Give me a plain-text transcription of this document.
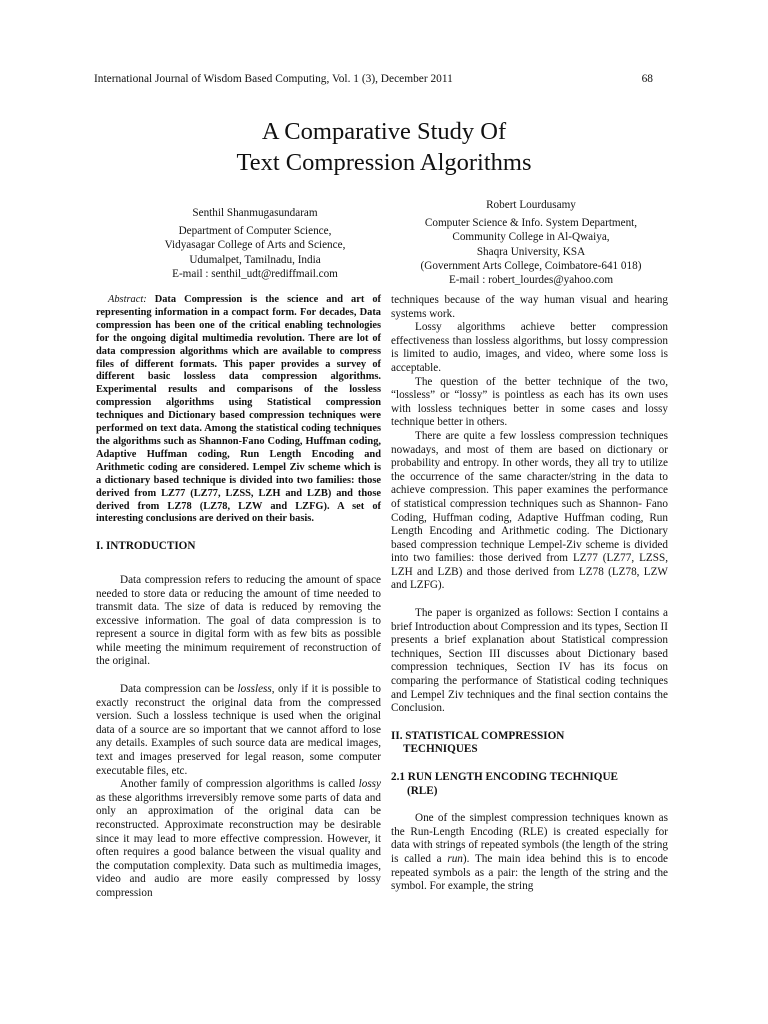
International Journal of Wisdom Based Computing, Vol. 1 (3), December 2011	68
A Comparative Study Of
Text Compression Algorithms
Senthil Shanmugasundaram
Department of Computer Science,
Vidyasagar College of Arts and Science,
Udumalpet, Tamilnadu, India
E-mail : senthil_udt@rediffmail.com
Robert Lourdusamy
Computer Science & Info. System Department,
Community College in Al-Qwaiya,
Shaqra University, KSA
(Government Arts College, Coimbatore-641 018)
E-mail : robert_lourdes@yahoo.com

Abstract: Data Compression is the science and art of representing information in a compact form. For decades, Data compression has been one of the critical enabling technologies for the ongoing digital multimedia revolution. There are lot of data compression algorithms which are available to compress files of different formats. This paper provides a survey of different basic lossless data compression algorithms. Experimental results and comparisons of the lossless compression algorithms using Statistical compression techniques and Dictionary based compression techniques were performed on text data. Among the statistical coding techniques the algorithms such as Shannon-Fano Coding, Huffman coding, Adaptive Huffman coding, Run Length Encoding and Arithmetic coding are considered. Lempel Ziv scheme which is a dictionary based technique is divided into two families: those derived from LZ77 (LZ77, LZSS, LZH and LZB) and those derived from LZ78 (LZ78, LZW and LZFG). A set of interesting conclusions are derived on their basis.

I. INTRODUCTION

Data compression refers to reducing the amount of space needed to store data or reducing the amount of time needed to transmit data. The size of data is reduced by removing the excessive information. The goal of data compression is to represent a source in digital form with as few bits as possible while meeting the minimum requirement of reconstruction of the original.

Data compression can be lossless, only if it is possible to exactly reconstruct the original data from the compressed version. Such a lossless technique is used when the original data of a source are so important that we cannot afford to lose any details. Examples of such source data are medical images, text and images preserved for legal reason, some computer executable files, etc.

Another family of compression algorithms is called lossy as these algorithms irreversibly remove some parts of data and only an approximation of the original data can be reconstructed. Approximate reconstruction may be desirable since it may lead to more effective compression. However, it often requires a good balance between the visual quality and the computation complexity. Data such as multimedia images, video and audio are more easily compressed by lossy compression

techniques because of the way human visual and hearing systems work.

Lossy algorithms achieve better compression effectiveness than lossless algorithms, but lossy compression is limited to audio, images, and video, where some loss is acceptable.

The question of the better technique of the two, “lossless” or “lossy” is pointless as each has its own uses with lossless techniques better in some cases and lossy technique better in others.

There are quite a few lossless compression techniques nowadays, and most of them are based on dictionary or probability and entropy. In other words, they all try to utilize the occurrence of the same character/string in the data to achieve compression. This paper examines the performance of statistical compression techniques such as Shannon- Fano Coding, Huffman coding, Adaptive Huffman coding, Run Length Encoding and Arithmetic coding. The Dictionary based compression technique Lempel-Ziv scheme is divided into two families: those derived from LZ77 (LZ77, LZSS, LZH and LZB) and those derived from LZ78 (LZ78, LZW and LZFG).

The paper is organized as follows: Section I contains a brief Introduction about Compression and its types, Section II presents a brief explanation about Statistical compression techniques, Section III discusses about Dictionary based compression techniques, Section IV has its focus on comparing the performance of Statistical coding techniques and Lempel Ziv techniques and the final section contains the Conclusion.

II. STATISTICAL COMPRESSION
TECHNIQUES

2.1 RUN LENGTH ENCODING TECHNIQUE
(RLE)

One of the simplest compression techniques known as the Run-Length Encoding (RLE) is created especially for data with strings of repeated symbols (the length of the string is called a run). The main idea behind this is to encode repeated symbols as a pair: the length of the string and the symbol. For example, the string
